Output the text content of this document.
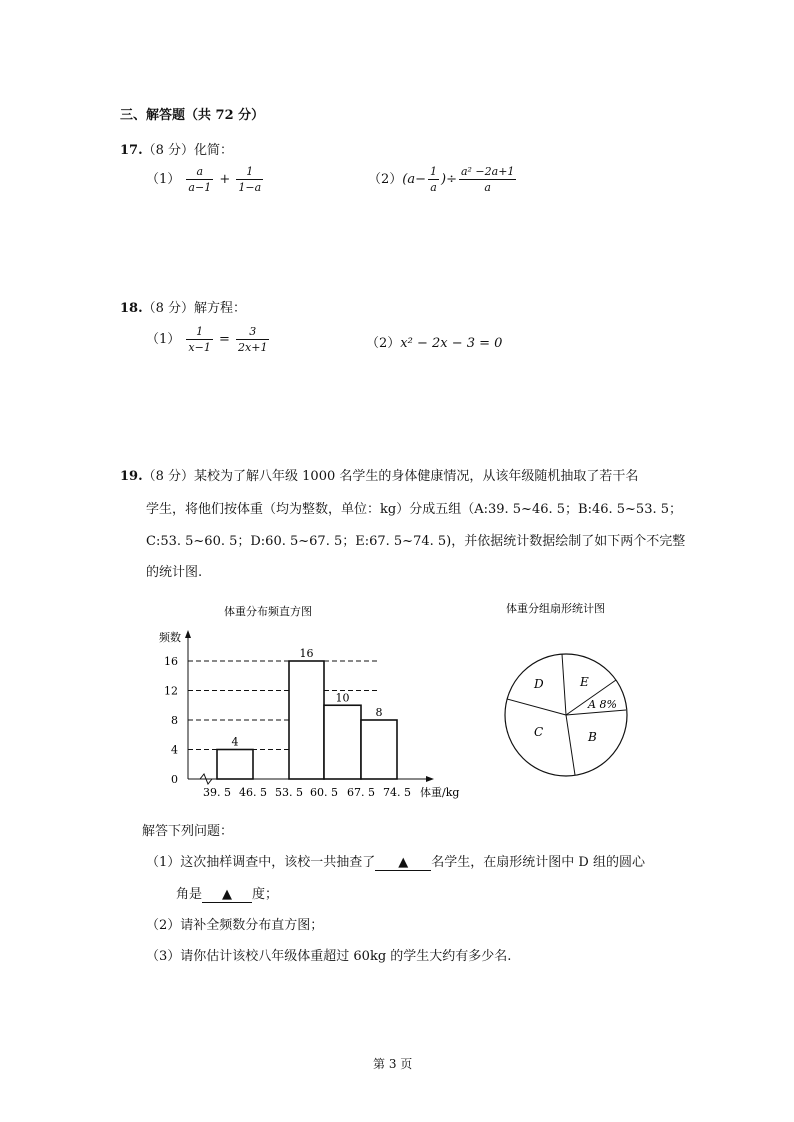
三、解答题（共 72 分）
17.（8 分）化简：
$(1) \frac{a}{a-1} + \frac{1}{1-a}$	$(2)(a- \frac{1}{a}$ )÷ $\frac{\text{a² −2a+1}}{a}$
18.（8 分）解方程：
$(1) \frac{1}{x-1} = \frac{3}{2x+1}$	（2）x² − 2x − 3 = 0
19.（8 分）某校为了解八年级 1000 名学生的身体健康情况，从该年级随机抽取了若干名
学生，将他们按体重（均为整数，单位：kg）分成五组（A:39. 5~46. 5；B:46. 5~53. 5；
C:53. 5~60. 5；D:60. 5~67. 5；E:67. 5~74. 5)，并依据统计数据绘制了如下两个不完整
的统计图.
体重分布频直方图
频数
0
4
8
12
16
39. 5 46. 5 53. 5 60. 5 67. 5 74. 5
4
16
10
8
体重/kg
体重分组扇形统计图
D	E
A 8%
C	B
解答下列问题：
（1）这次抽样调查中，该校一共抽查了 ▲ 名学生，在扇形统计图中 D 组的圆心
角是 ▲ 度；
（2）请补全频数分布直方图；
（3）请你估计该校八年级体重超过 60kg 的学生大约有多少名.
第 3 页
